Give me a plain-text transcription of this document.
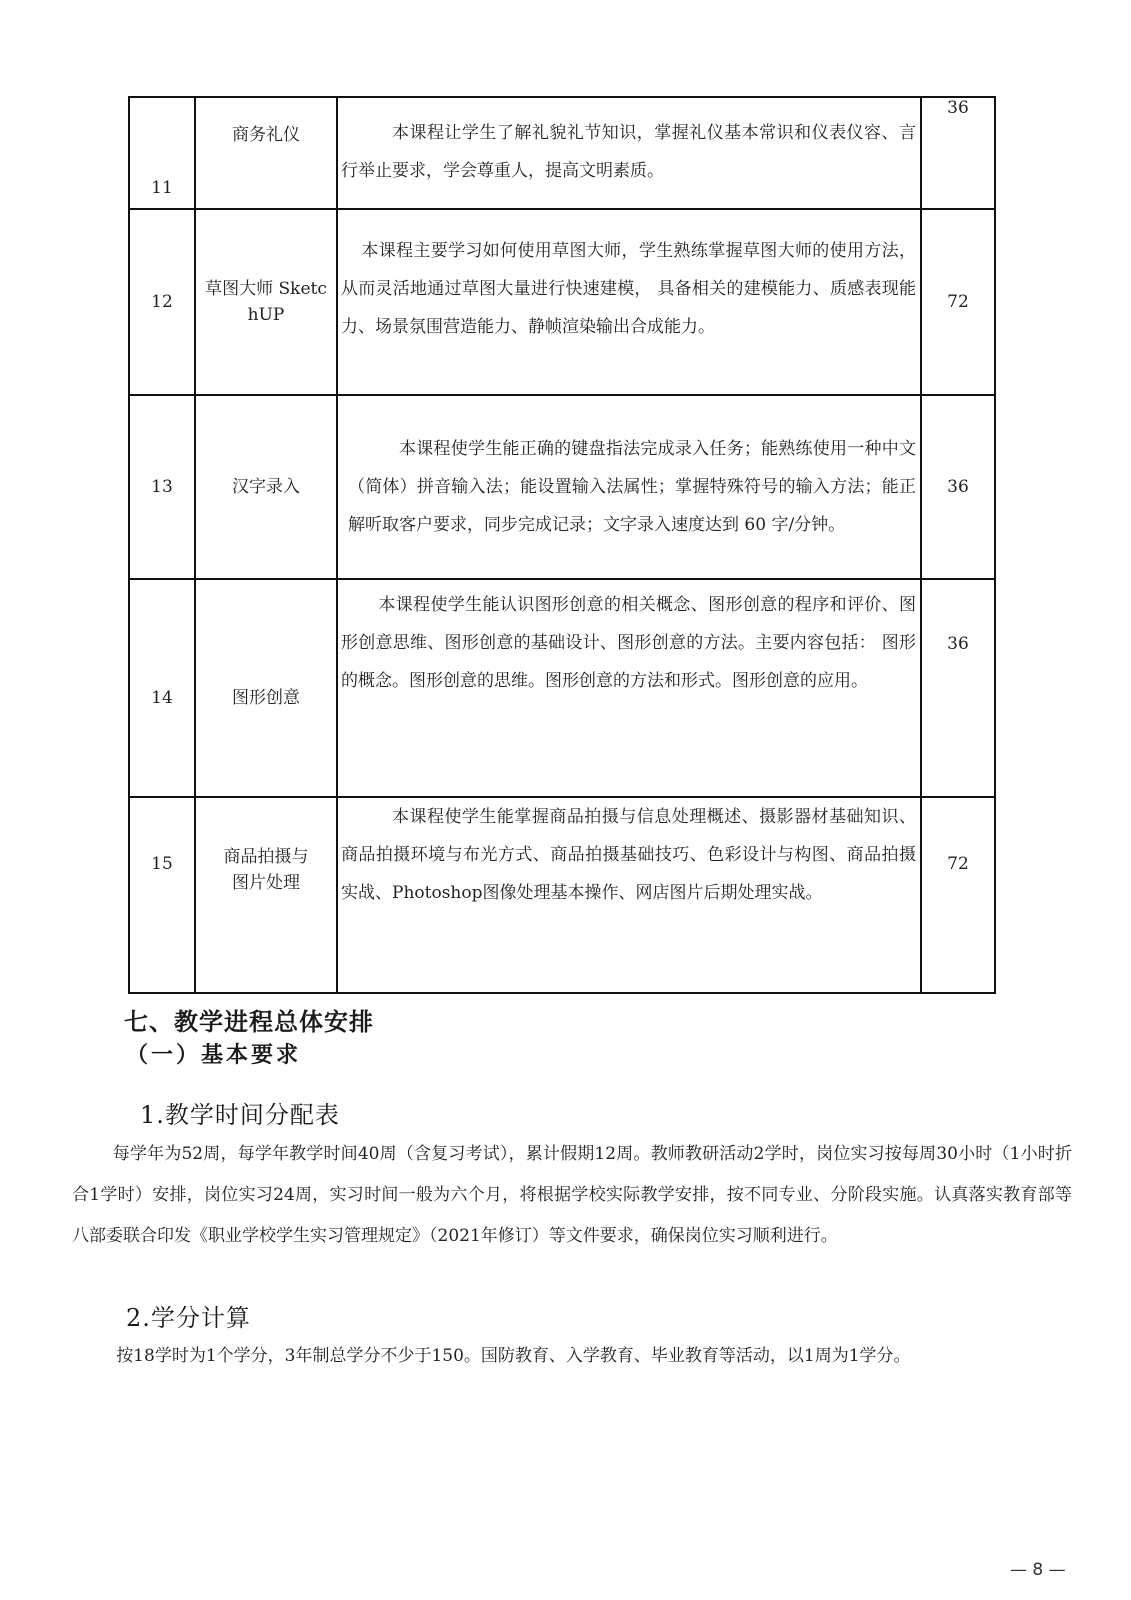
11	商务礼仪	本课程让学生了解礼貌礼节知识，掌握礼仪基本常识和仪表仪容、言行举止要求，学会尊重人，提高文明素质。	36
12	草图大师 SketchUP	本课程主要学习如何使用草图大师，学生熟练掌握草图大师的使用方法，从而灵活地通过草图大量进行快速建模， 具备相关的建模能力、质感表现能力、场景氛围营造能力、静帧渲染输出合成能力。	72
13	汉字录入	本课程使学生能正确的键盘指法完成录入任务；能熟练使用一种中文（简体）拼音输入法；能设置输入法属性；掌握特殊符号的输入方法；能正解听取客户要求，同步完成记录；文字录入速度达到 60 字/分钟。	36
14	图形创意	本课程使学生能认识图形创意的相关概念、图形创意的程序和评价、图形创意思维、图形创意的基础设计、图形创意的方法。主要内容包括： 图形的概念。图形创意的思维。图形创意的方法和形式。图形创意的应用。	36
15	商品拍摄与图片处理	本课程使学生能掌握商品拍摄与信息处理概述、摄影器材基础知识、商品拍摄环境与布光方式、商品拍摄基础技巧、色彩设计与构图、商品拍摄实战、Photoshop图像处理基本操作、网店图片后期处理实战。	72
七、教学进程总体安排
（一）基本要求
1.教学时间分配表

每学年为52周，每学年教学时间40周（含复习考试），累计假期12周。教师教研活动2学时，岗位实习按每周30小时（1小时折合1学时）安排，岗位实习24周，实习时间一般为六个月，将根据学校实际教学安排，按不同专业、分阶段实施。认真落实教育部等八部委联合印发《职业学校学生实习管理规定》（2021年修订）等文件要求，确保岗位实习顺利进行。

2.学分计算

按18学时为1个学分，3年制总学分不少于150。国防教育、入学教育、毕业教育等活动，以1周为1学分。

— 8 —
